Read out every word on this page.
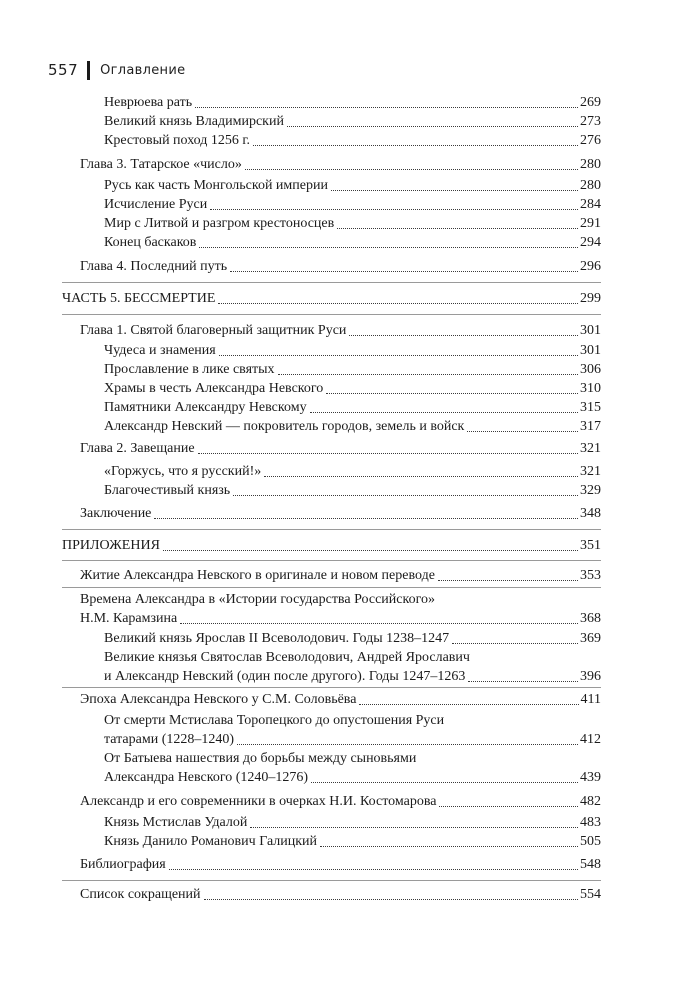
557 Оглавление
Неврюева рать	269
Великий князь Владимирский	273
Крестовый поход 1256 г.	276
Глава 3. Татарское «число»	280
Русь как часть Монгольской империи	280
Исчисление Руси	284
Мир с Литвой и разгром крестоносцев	291
Конец баскаков	294
Глава 4. Последний путь	296
ЧАСТЬ 5. БЕССМЕРТИЕ	299
Глава 1. Святой благоверный защитник Руси	301
Чудеса и знамения	301
Прославление в лике святых	306
Храмы в честь Александра Невского	310
Памятники Александру Невскому	315
Александр Невский — покровитель городов, земель и войск	317
Глава 2. Завещание	321
«Горжусь, что я русский!»	321
Благочестивый князь	329
Заключение	348
ПРИЛОЖЕНИЯ	351
Житие Александра Невского в оригинале и новом переводе	353
Времена Александра в «Истории государства Российского»
Н.М. Карамзина	368
Великий князь Ярослав II Всеволодович. Годы 1238–1247	369
Великие князья Святослав Всеволодович, Андрей Ярославич
и Александр Невский (один после другого). Годы 1247–1263	396
Эпоха Александра Невского у С.М. Соловьёва	411
От смерти Мстислава Торопецкого до опустошения Руси
татарами (1228–1240)	412
От Батыева нашествия до борьбы между сыновьями
Александра Невского (1240–1276)	439
Александр и его современники в очерках Н.И. Костомарова	482
Князь Мстислав Удалой	483
Князь Данило Романович Галицкий	505
Библиография	548
Список сокращений	554
